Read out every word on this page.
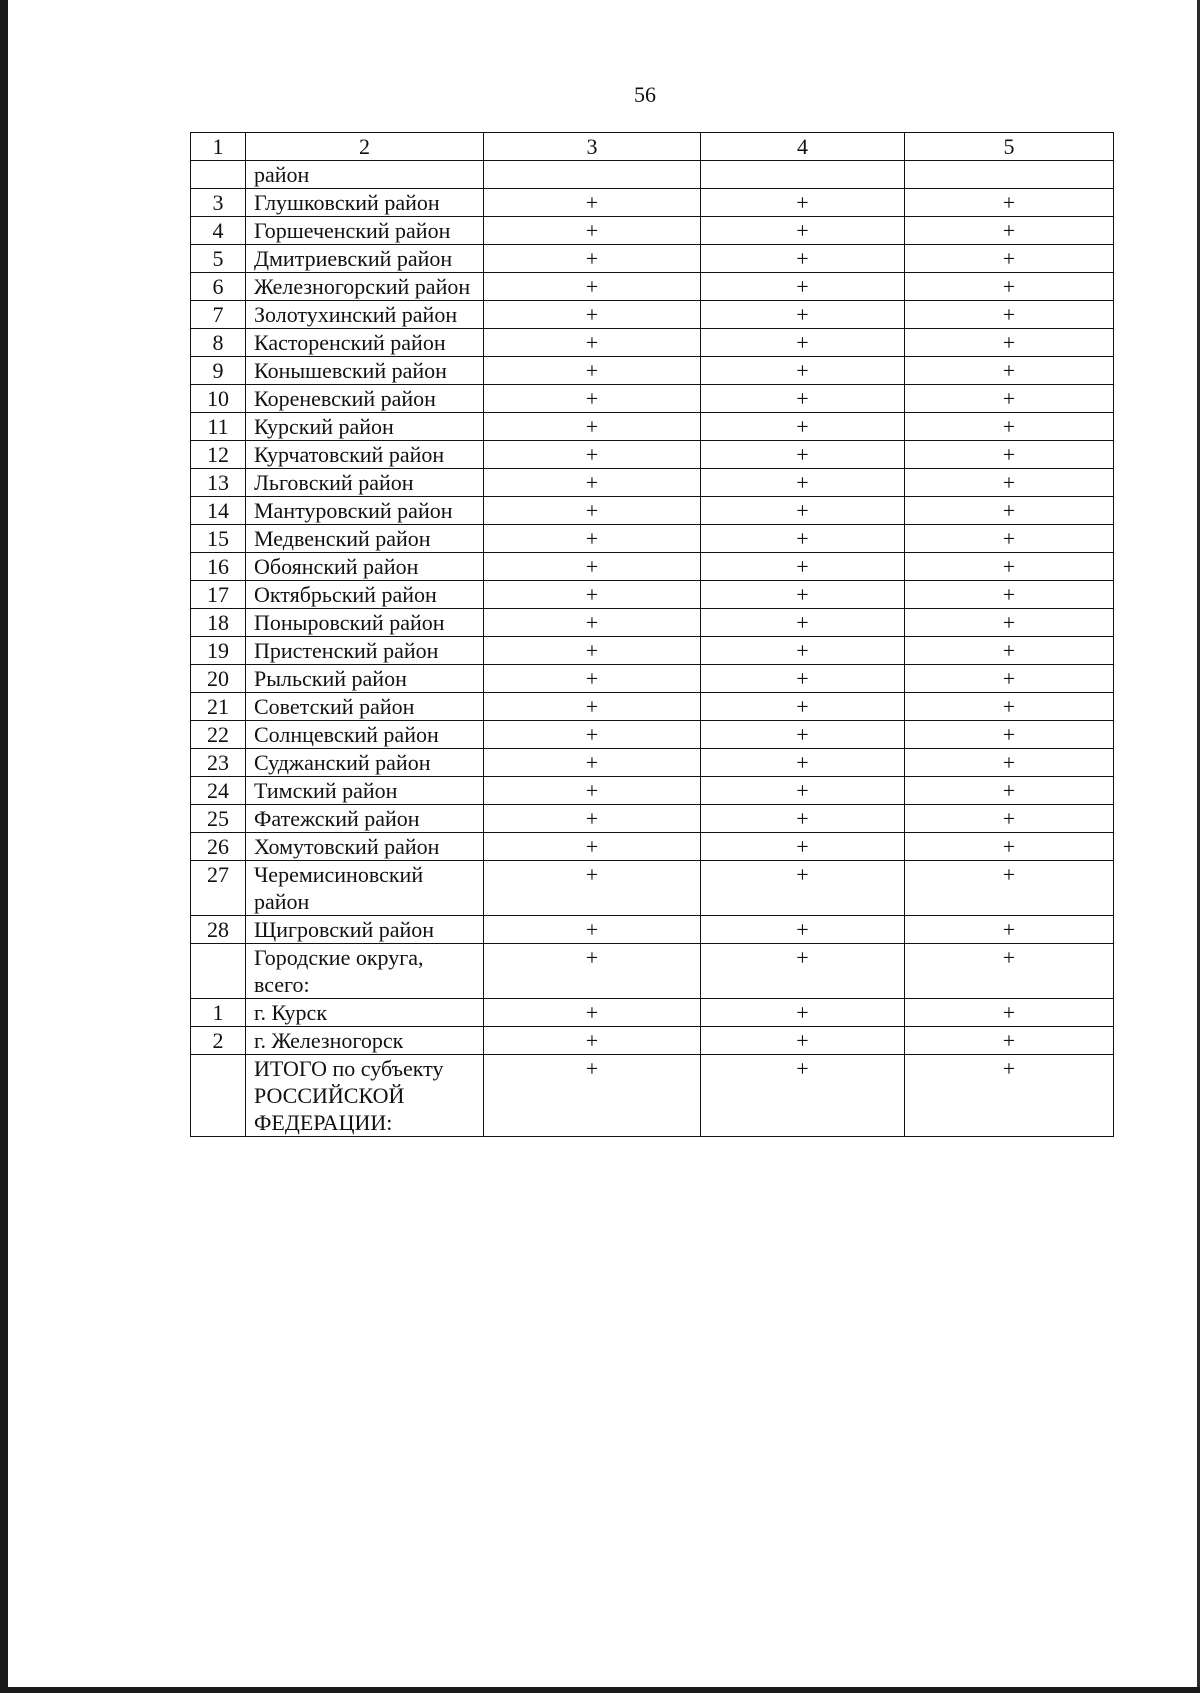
56
1	2	3	4	5
	район			
3	Глушковский район	+	+	+
4	Горшеченский район	+	+	+
5	Дмитриевский район	+	+	+
6	Железногорский район	+	+	+
7	Золотухинский район	+	+	+
8	Касторенский район	+	+	+
9	Конышевский район	+	+	+
10	Кореневский район	+	+	+
11	Курский район	+	+	+
12	Курчатовский район	+	+	+
13	Льговский район	+	+	+
14	Мантуровский район	+	+	+
15	Медвенский район	+	+	+
16	Обоянский район	+	+	+
17	Октябрьский район	+	+	+
18	Поныровский район	+	+	+
19	Пристенский район	+	+	+
20	Рыльский район	+	+	+
21	Советский район	+	+	+
22	Солнцевский район	+	+	+
23	Суджанский район	+	+	+
24	Тимский район	+	+	+
25	Фатежский район	+	+	+
26	Хомутовский район	+	+	+
27	Черемисиновский район	+	+	+
28	Щигровский район	+	+	+
	Городские округа, всего:	+	+	+
1	г. Курск	+	+	+
2	г. Железногорск	+	+	+
	ИТОГО по субъекту РОССИЙСКОЙ ФЕДЕРАЦИИ:	+	+	+
